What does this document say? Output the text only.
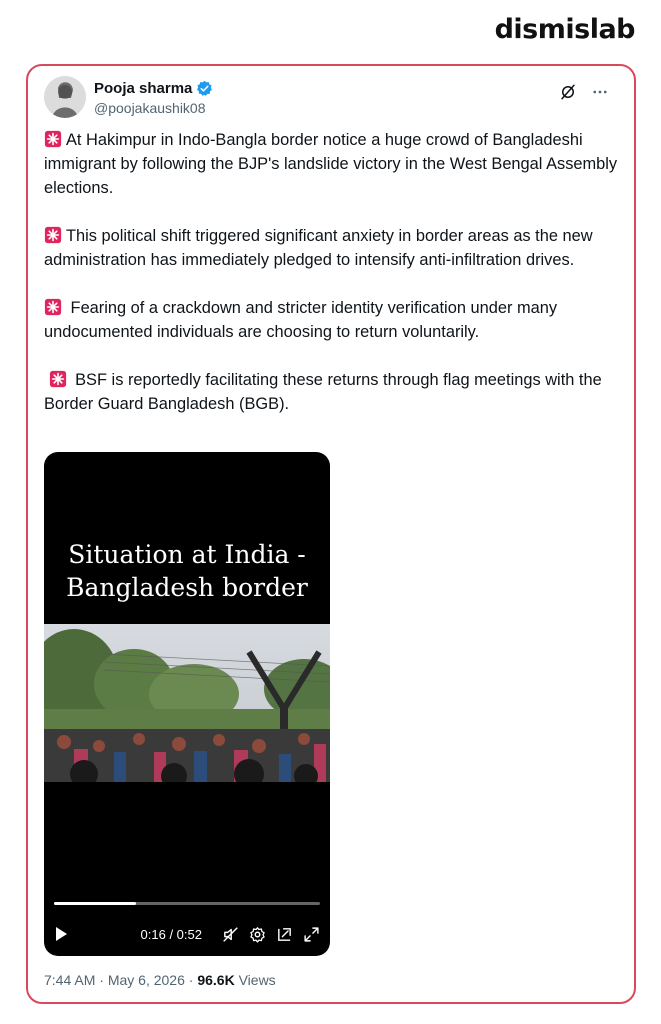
dismislab
Pooja sharma
@poojakaushik08

At Hakimpur in Indo-Bangla border notice a huge crowd of Bangladeshi immigrant by following the BJP's landslide victory in the West Bengal Assembly elections.

This political shift triggered significant anxiety in border areas as the new administration has immediately pledged to intensify anti-infiltration drives.

Fearing of a crackdown and stricter identity verification under many undocumented individuals are choosing to return voluntarily.

BSF is reportedly facilitating these returns through flag meetings with the Border Guard Bangladesh (BGB).

Situation at India -
Bangladesh border
0:16 / 0:52
7:44 AM · May 6, 2026 · 96.6K Views
